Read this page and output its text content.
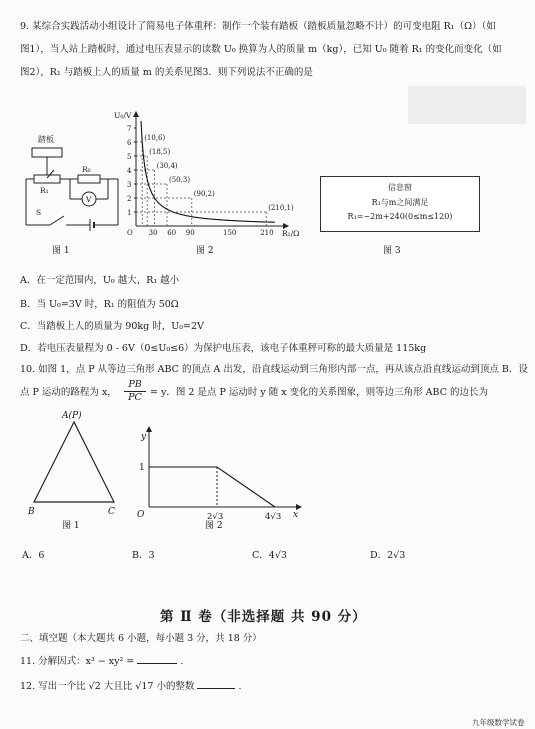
9. 某综合实践活动小组设计了简易电子体重秤：制作一个装有踏板（踏板质量忽略不计）的可变电阻 R₁（Ω）（如
图1），当人站上踏板时，通过电压表显示的读数 U₀ 换算为人的质量 m（kg），已知 U₀ 随着 R₁ 的变化而变化（如
图2），R₁ 与踏板上人的质量 m 的关系见图3．则下列说法不正确的是
踏板
R₁
R₀
V
S
图 1
U₀/V
R₁/Ω
1
2
3
4
5
6
7
30 60 90	150	210
O
(10,6)
(18,5)
(30,4)
(50,3)
(90,2)
(210,1)
图 2
信息窗
R₁与m之间满足
R₁=−2m+240(0≤m≤120)
图 3
A．在一定范围内，U₀ 越大，R₁ 越小
B．当 U₀=3V 时，R₁ 的阻值为 50Ω
C．当踏板上人的质量为 90kg 时，U₀=2V
D．若电压表量程为 0 - 6V（0≤U₀≤6）为保护电压表，该电子体重秤可称的最大质量是 115kg
10. 如图 1，点 P 从等边三角形 ABC 的顶点 A 出发，沿直线运动到三角形内部一点，再从该点沿直线运动到顶点 B．设
点 P 运动的路程为 x， $\frac{PB}{PC} = y$．图 2 是点 P 运动时 y 随 x 变化的关系图象，则等边三角形 ABC 的边长为
A(P)
B	C
图 1
y
x
O
1
2√3	4√3
图 2
A．6	B．3	C．4√3	D．2√3
第 Ⅱ 卷（非选择题 共 90 分）
二、填空题（本大题共 6 小题，每小题 3 分，共 18 分）
11. 分解因式：x³ − xy² =	.
12. 写出一个比 √2 大且比 √17 小的整数	.
九年级数学试卷
